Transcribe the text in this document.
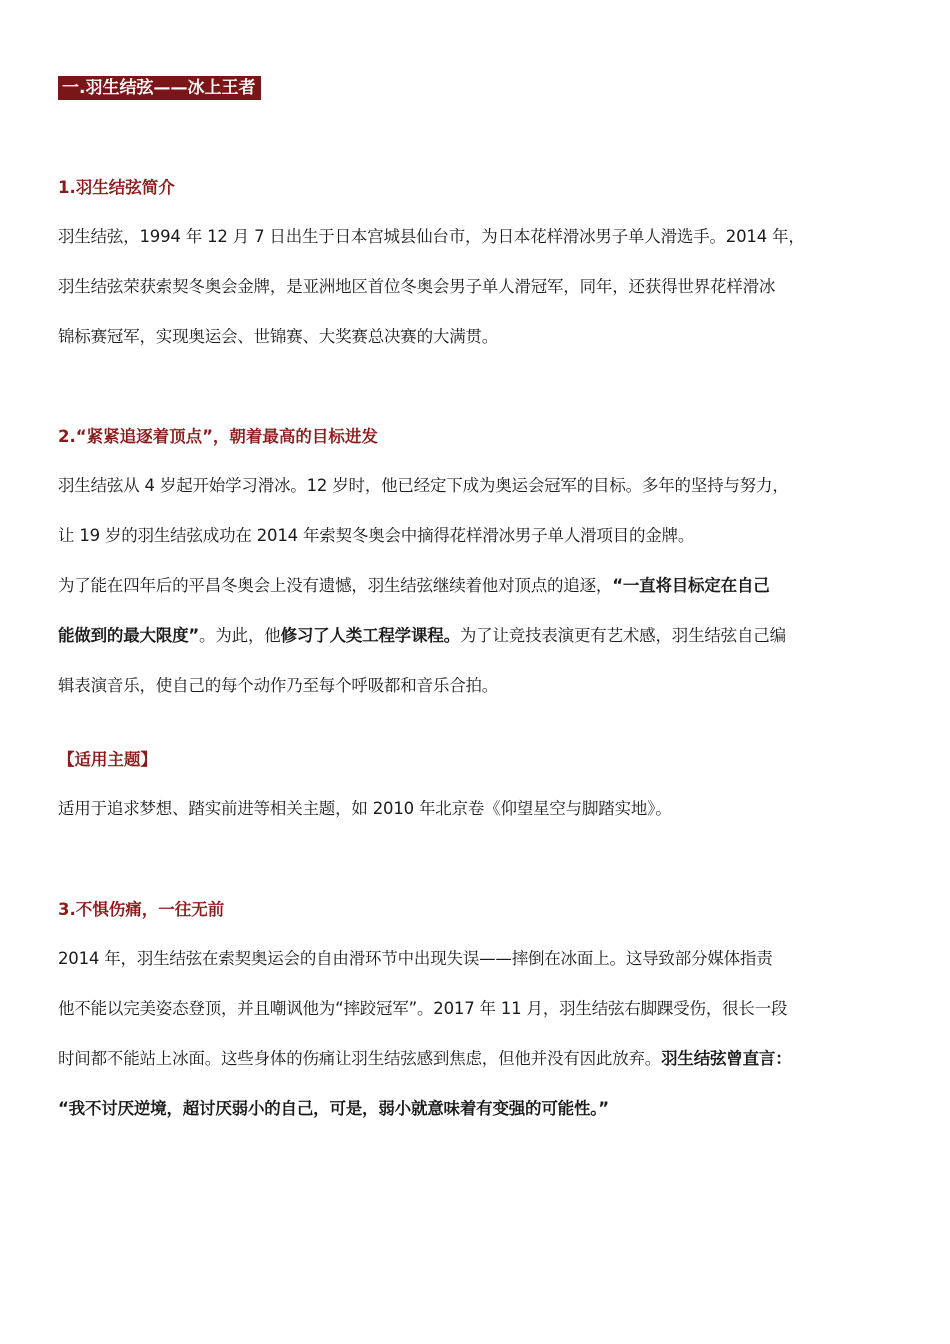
一.羽生结弦——冰上王者
1.羽生结弦简介

羽生结弦，1994 年 12 月 7 日出生于日本宫城县仙台市，为日本花样滑冰男子单人滑选手。2014 年，

羽生结弦荣获索契冬奥会金牌，是亚洲地区首位冬奥会男子单人滑冠军，同年，还获得世界花样滑冰

锦标赛冠军，实现奥运会、世锦赛、大奖赛总决赛的大满贯。

2.“紧紧追逐着顶点”，朝着最高的目标进发

羽生结弦从 4 岁起开始学习滑冰。12 岁时，他已经定下成为奥运会冠军的目标。多年的坚持与努力，

让 19 岁的羽生结弦成功在 2014 年索契冬奥会中摘得花样滑冰男子单人滑项目的金牌。

为了能在四年后的平昌冬奥会上没有遗憾，羽生结弦继续着他对顶点的追逐，“一直将目标定在自己

能做到的最大限度”。为此，他修习了人类工程学课程。为了让竞技表演更有艺术感，羽生结弦自己编

辑表演音乐，使自己的每个动作乃至每个呼吸都和音乐合拍。

【适用主题】

适用于追求梦想、踏实前进等相关主题，如 2010 年北京卷《仰望星空与脚踏实地》。

3.不惧伤痛，一往无前

2014 年，羽生结弦在索契奥运会的自由滑环节中出现失误——摔倒在冰面上。这导致部分媒体指责

他不能以完美姿态登顶，并且嘲讽他为“摔跤冠军”。2017 年 11 月，羽生结弦右脚踝受伤，很长一段

时间都不能站上冰面。这些身体的伤痛让羽生结弦感到焦虑，但他并没有因此放弃。羽生结弦曾直言：

“我不讨厌逆境，超讨厌弱小的自己，可是，弱小就意味着有变强的可能性。”
